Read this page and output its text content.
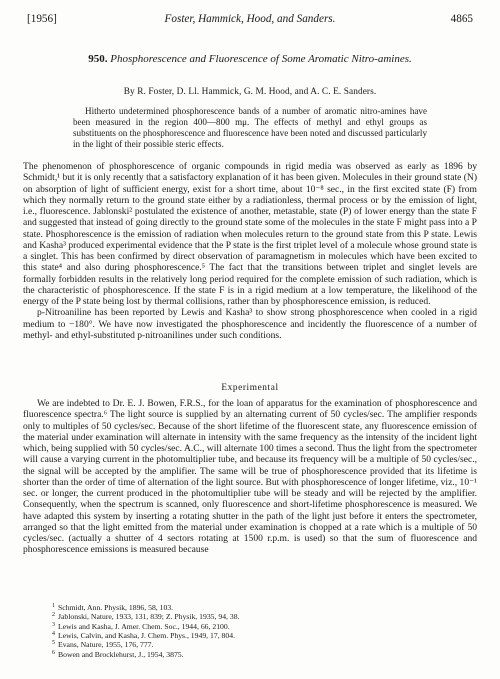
[1956]	Foster, Hammick, Hood, and Sanders.	4865
950. Phosphorescence and Fluorescence of Some Aromatic Nitro-amines.
By R. Foster, D. Ll. Hammick, G. M. Hood, and A. C. E. Sanders.
Hitherto undetermined phosphorescence bands of a number of aromatic nitro-amines have been measured in the region 400—800 mμ. The effects of methyl and ethyl groups as substituents on the phosphorescence and fluorescence have been noted and discussed particularly in the light of their possible steric effects.

The phenomenon of phosphorescence of organic compounds in rigid media was observed as early as 1896 by Schmidt,¹ but it is only recently that a satisfactory explanation of it has been given. Molecules in their ground state (N) on absorption of light of sufficient energy, exist for a short time, about 10⁻⁸ sec., in the first excited state (F) from which they normally return to the ground state either by a radiationless, thermal process or by the emission of light, i.e., fluorescence. Jablonski² postulated the existence of another, metastable, state (P) of lower energy than the state F and suggested that instead of going directly to the ground state some of the molecules in the state F might pass into a P state. Phosphorescence is the emission of radiation when molecules return to the ground state from this P state. Lewis and Kasha³ produced experimental evidence that the P state is the first triplet level of a molecule whose ground state is a singlet. This has been confirmed by direct observation of paramagnetism in molecules which have been excited to this state⁴ and also during phosphorescence.⁵ The fact that the transitions between triplet and singlet levels are formally forbidden results in the relatively long period required for the complete emission of such radiation, which is the characteristic of phosphorescence. If the state F is in a rigid medium at a low temperature, the likelihood of the energy of the P state being lost by thermal collisions, rather than by phosphorescence emission, is reduced.

p-Nitroaniline has been reported by Lewis and Kasha³ to show strong phosphorescence when cooled in a rigid medium to −180°. We have now investigated the phosphorescence and incidently the fluorescence of a number of methyl- and ethyl-substituted p-nitroanilines under such conditions.

Experimental

We are indebted to Dr. E. J. Bowen, F.R.S., for the loan of apparatus for the examination of phosphorescence and fluorescence spectra.⁶ The light source is supplied by an alternating current of 50 cycles/sec. The amplifier responds only to multiples of 50 cycles/sec. Because of the short lifetime of the fluorescent state, any fluorescence emission of the material under examination will alternate in intensity with the same frequency as the intensity of the incident light which, being supplied with 50 cycles/sec. A.C., will alternate 100 times a second. Thus the light from the spectrometer will cause a varying current in the photomultiplier tube, and because its frequency will be a multiple of 50 cycles/sec., the signal will be accepted by the amplifier. The same will be true of phosphorescence provided that its lifetime is shorter than the order of time of alternation of the light source. But with phosphorescence of longer lifetime, viz., 10⁻¹ sec. or longer, the current produced in the photomultiplier tube will be steady and will be rejected by the amplifier. Consequently, when the spectrum is scanned, only fluorescence and short-lifetime phosphorescence is measured. We have adapted this system by inserting a rotating shutter in the path of the light just before it enters the spectrometer, arranged so that the light emitted from the material under examination is chopped at a rate which is a multiple of 50 cycles/sec. (actually a shutter of 4 sectors rotating at 1500 r.p.m. is used) so that the sum of fluorescence and phosphorescence emissions is measured because

$^1$ Schmidt, Ann. Physik, 1896, 58, 103.
$^2$ Jablonski, Nature, 1933, 131, 839; Z. Physik, 1935, 94, 38.
$^3$ Lewis and Kasha, J. Amer. Chem. Soc., 1944, 66, 2100.
$^4$ Lewis, Calvin, and Kasha, J. Chem. Phys., 1949, 17, 804.
$^5$ Evans, Nature, 1955, 176, 777.
$^6$ Bowen and Brocklehurst, J., 1954, 3875.
